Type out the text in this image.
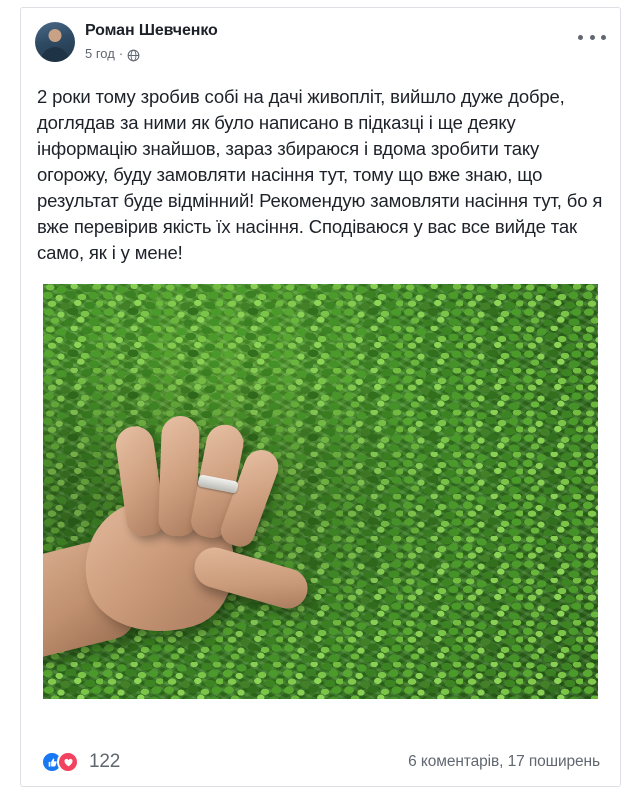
Роман Шевченко
5 год ·
2 роки тому зробив собі на дачі живопліт, вийшло дуже добре, доглядав за ними як було написано в підказці і ще деяку інформацію знайшов, зараз збираюся і вдома зробити таку огорожу, буду замовляти насіння тут, тому що вже знаю, що результат буде відмінний! Рекомендую замовляти насіння тут, бо я вже перевірив якість їх насіння. Сподіваюся у вас все вийде так само, як і у мене!
122	6 коментарів, 17 поширень
